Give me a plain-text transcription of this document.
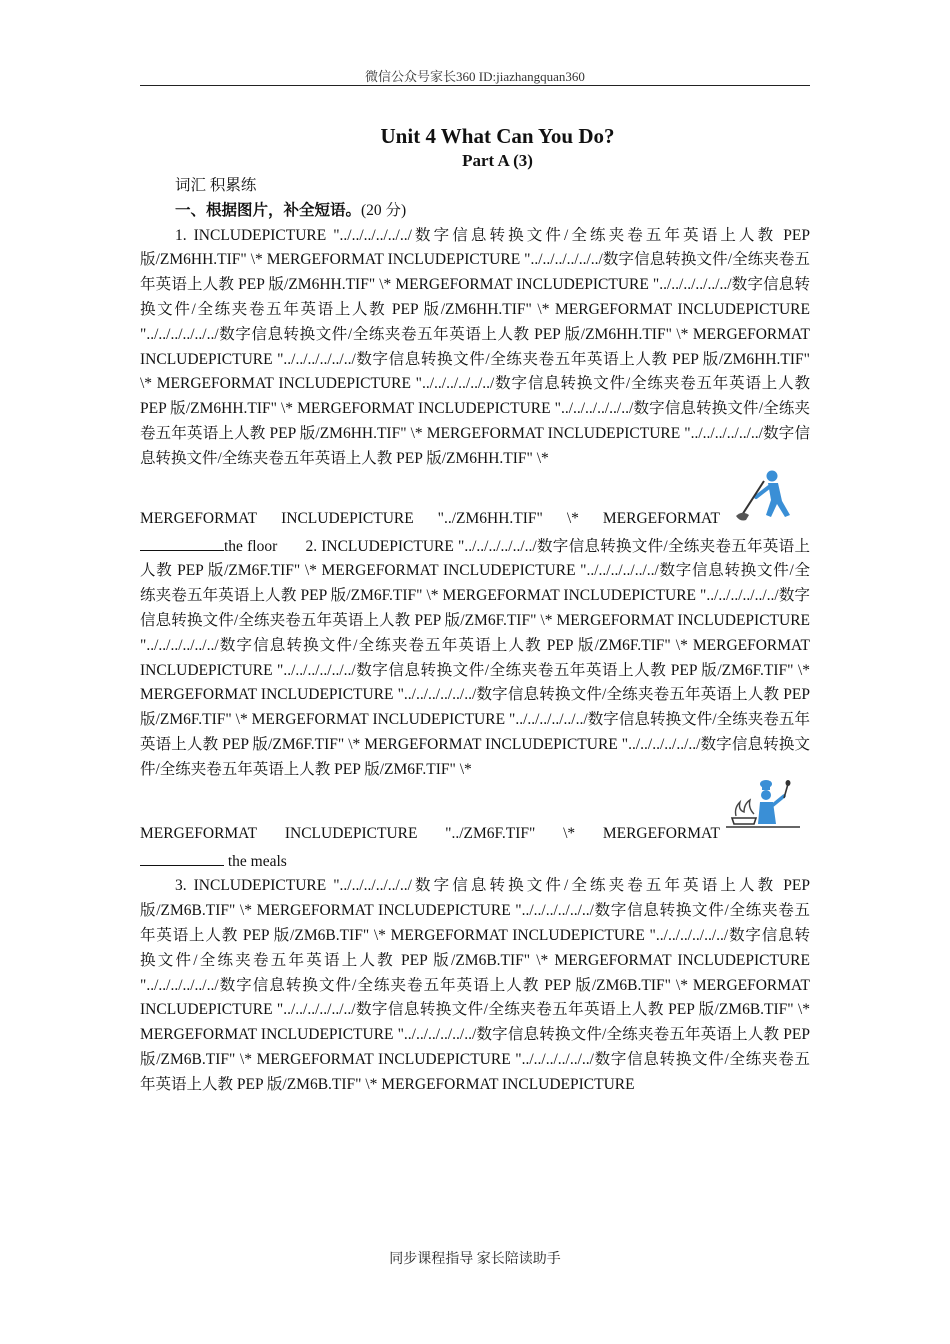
微信公众号家长360 ID:jiazhangquan360
Unit 4 What Can You Do?
Part A (3)

词汇 积累练

一、根据图片，补全短语。(20 分)

1. INCLUDEPICTURE "../../../../../../数字信息转换文件/全练夹卷五年英语上人教 PEP 版/ZM6HH.TIF" \* MERGEFORMAT INCLUDEPICTURE "../../../../../../数字信息转换文件/全练夹卷五年英语上人教 PEP 版/ZM6HH.TIF" \* MERGEFORMAT INCLUDEPICTURE "../../../../../../数字信息转换文件/全练夹卷五年英语上人教 PEP 版/ZM6HH.TIF" \* MERGEFORMAT INCLUDEPICTURE "../../../../../../数字信息转换文件/全练夹卷五年英语上人教 PEP 版/ZM6HH.TIF" \* MERGEFORMAT INCLUDEPICTURE "../../../../../../数字信息转换文件/全练夹卷五年英语上人教 PEP 版/ZM6HH.TIF" \* MERGEFORMAT INCLUDEPICTURE "../../../../../../数字信息转换文件/全练夹卷五年英语上人教 PEP 版/ZM6HH.TIF" \* MERGEFORMAT INCLUDEPICTURE "../../../../../../数字信息转换文件/全练夹卷五年英语上人教 PEP 版/ZM6HH.TIF" \* MERGEFORMAT INCLUDEPICTURE "../../../../../../数字信息转换文件/全练夹卷五年英语上人教 PEP 版/ZM6HH.TIF" \*

MERGEFORMAT INCLUDEPICTURE "../ZM6HH.TIF" \* MERGEFORMAT

the floor 2. INCLUDEPICTURE "../../../../../../数字信息转换文件/全练夹卷五年英语上人教 PEP 版/ZM6F.TIF" \* MERGEFORMAT INCLUDEPICTURE "../../../../../../数字信息转换文件/全练夹卷五年英语上人教 PEP 版/ZM6F.TIF" \* MERGEFORMAT INCLUDEPICTURE "../../../../../../数字信息转换文件/全练夹卷五年英语上人教 PEP 版/ZM6F.TIF" \* MERGEFORMAT INCLUDEPICTURE "../../../../../../数字信息转换文件/全练夹卷五年英语上人教 PEP 版/ZM6F.TIF" \* MERGEFORMAT INCLUDEPICTURE "../../../../../../数字信息转换文件/全练夹卷五年英语上人教 PEP 版/ZM6F.TIF" \* MERGEFORMAT INCLUDEPICTURE "../../../../../../数字信息转换文件/全练夹卷五年英语上人教 PEP 版/ZM6F.TIF" \* MERGEFORMAT INCLUDEPICTURE "../../../../../../数字信息转换文件/全练夹卷五年英语上人教 PEP 版/ZM6F.TIF" \* MERGEFORMAT INCLUDEPICTURE "../../../../../../数字信息转换文件/全练夹卷五年英语上人教 PEP 版/ZM6F.TIF" \*

MERGEFORMAT INCLUDEPICTURE "../ZM6F.TIF" \* MERGEFORMAT

the meals

3. INCLUDEPICTURE "../../../../../../数字信息转换文件/全练夹卷五年英语上人教 PEP 版/ZM6B.TIF" \* MERGEFORMAT INCLUDEPICTURE "../../../../../../数字信息转换文件/全练夹卷五年英语上人教 PEP 版/ZM6B.TIF" \* MERGEFORMAT INCLUDEPICTURE "../../../../../../数字信息转换文件/全练夹卷五年英语上人教 PEP 版/ZM6B.TIF" \* MERGEFORMAT INCLUDEPICTURE "../../../../../../数字信息转换文件/全练夹卷五年英语上人教 PEP 版/ZM6B.TIF" \* MERGEFORMAT INCLUDEPICTURE "../../../../../../数字信息转换文件/全练夹卷五年英语上人教 PEP 版/ZM6B.TIF" \* MERGEFORMAT INCLUDEPICTURE "../../../../../../数字信息转换文件/全练夹卷五年英语上人教 PEP 版/ZM6B.TIF" \* MERGEFORMAT INCLUDEPICTURE "../../../../../../数字信息转换文件/全练夹卷五年英语上人教 PEP 版/ZM6B.TIF" \* MERGEFORMAT INCLUDEPICTURE

同步课程指导 家长陪读助手
